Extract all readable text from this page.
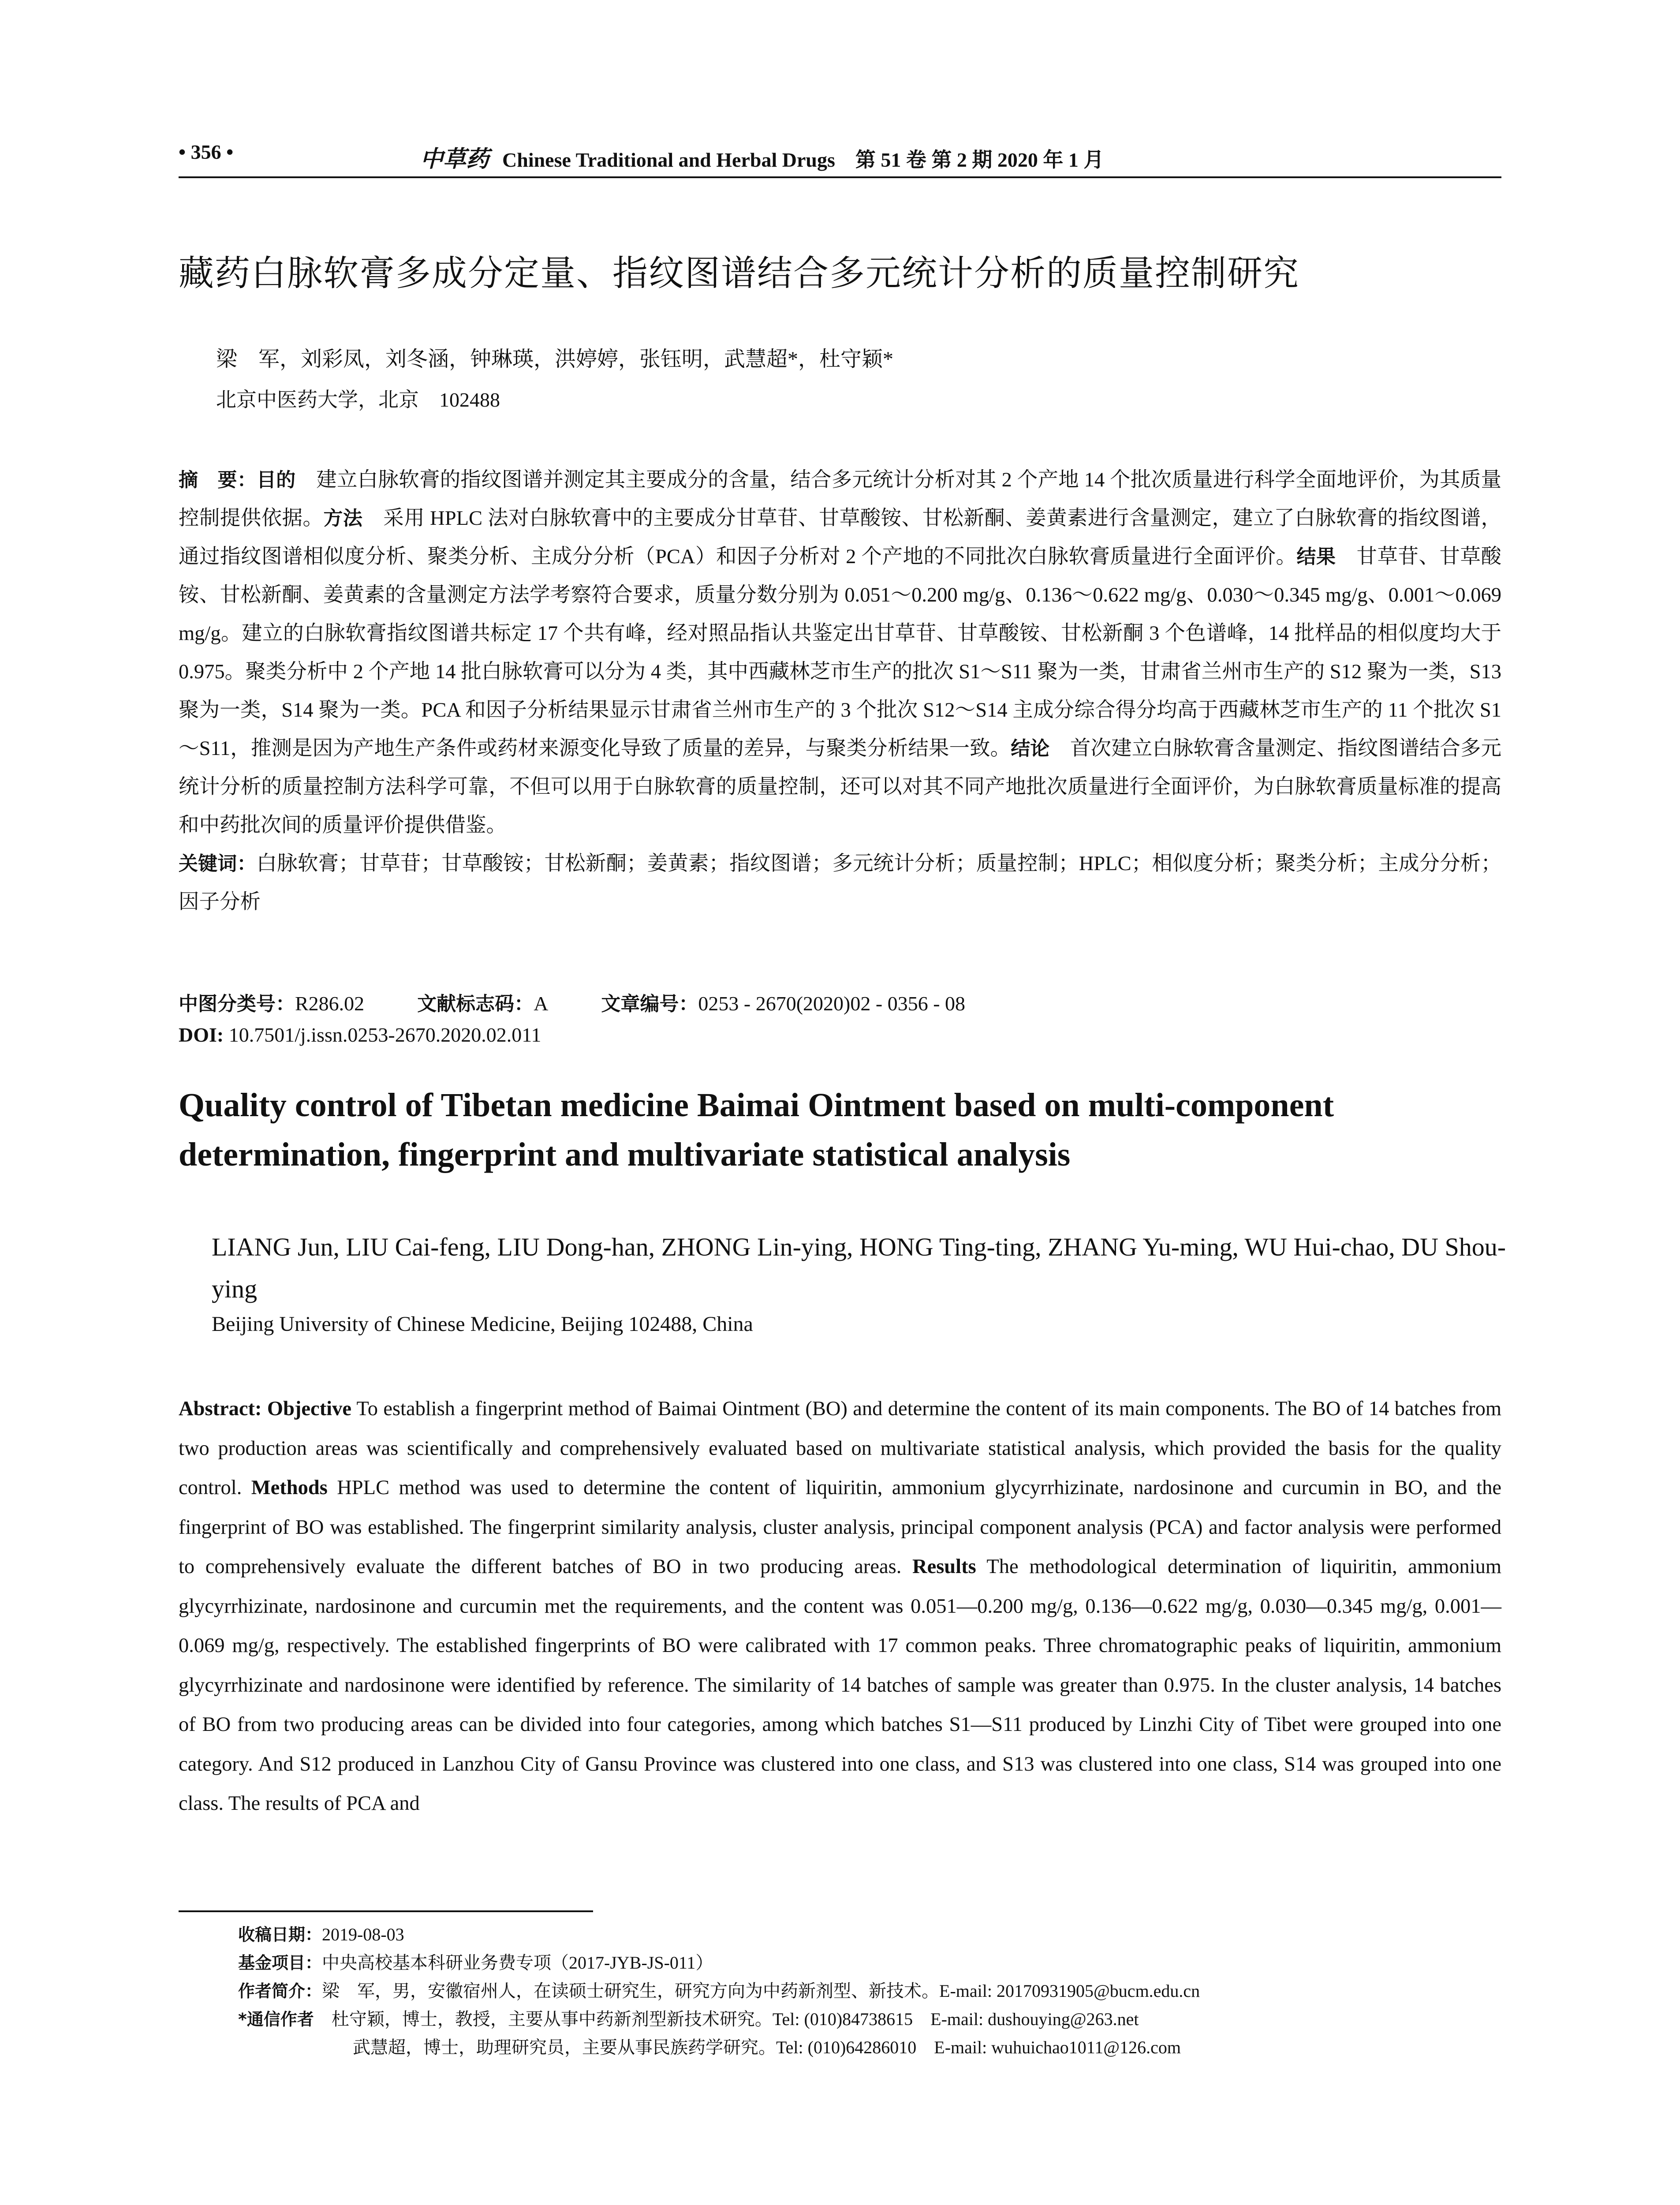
• 356 •	中草药 Chinese Traditional and Herbal Drugs　第 51 卷 第 2 期 2020 年 1 月
藏药白脉软膏多成分定量、指纹图谱结合多元统计分析的质量控制研究
梁　军，刘彩凤，刘冬涵，钟琳瑛，洪婷婷，张钰明，武慧超*，杜守颖*
北京中医药大学，北京　102488

摘　要：目的　 建立白脉软膏的指纹图谱并测定其主要成分的含量，结合多元统计分析对其 2 个产地 14 个批次质量进行科学全面地评价，为其质量控制提供依据。方法　 采用 HPLC 法对白脉软膏中的主要成分甘草苷、甘草酸铵、甘松新酮、姜黄素进行含量测定，建立了白脉软膏的指纹图谱，通过指纹图谱相似度分析、聚类分析、主成分分析（PCA）和因子分析对 2 个产地的不同批次白脉软膏质量进行全面评价。结果　 甘草苷、甘草酸铵、甘松新酮、姜黄素的含量测定方法学考察符合要求，质量分数分别为 0.051～0.200 mg/g、0.136～0.622 mg/g、0.030～0.345 mg/g、0.001～0.069 mg/g。建立的白脉软膏指纹图谱共标定 17 个共有峰，经对照品指认共鉴定出甘草苷、甘草酸铵、甘松新酮 3 个色谱峰，14 批样品的相似度均大于 0.975。聚类分析中 2 个产地 14 批白脉软膏可以分为 4 类，其中西藏林芝市生产的批次 S1～S11 聚为一类，甘肃省兰州市生产的 S12 聚为一类，S13 聚为一类，S14 聚为一类。PCA 和因子分析结果显示甘肃省兰州市生产的 3 个批次 S12～S14 主成分综合得分均高于西藏林芝市生产的 11 个批次 S1～S11，推测是因为产地生产条件或药材来源变化导致了质量的差异，与聚类分析结果一致。结论　 首次建立白脉软膏含量测定、指纹图谱结合多元统计分析的质量控制方法科学可靠，不但可以用于白脉软膏的质量控制，还可以对其不同产地批次质量进行全面评价，为白脉软膏质量标准的提高和中药批次间的质量评价提供借鉴。

关键词：白脉软膏；甘草苷；甘草酸铵；甘松新酮；姜黄素；指纹图谱；多元统计分析；质量控制；HPLC；相似度分析；聚类分析；主成分分析；因子分析

中图分类号：R286.02	文献标志码：A	文章编号：0253 - 2670(2020)02 - 0356 - 08
DOI: 10.7501/j.issn.0253-2670.2020.02.011
Quality control of Tibetan medicine Baimai Ointment based on multi-component determination, fingerprint and multivariate statistical analysis
LIANG Jun, LIU Cai-feng, LIU Dong-han, ZHONG Lin-ying, HONG Ting-ting, ZHANG Yu-ming, WU Hui-chao, DU Shou-ying
Beijing University of Chinese Medicine, Beijing 102488, China

Abstract: Objective To establish a fingerprint method of Baimai Ointment (BO) and determine the content of its main components. The BO of 14 batches from two production areas was scientifically and comprehensively evaluated based on multivariate statistical analysis, which provided the basis for the quality control. Methods HPLC method was used to determine the content of liquiritin, ammonium glycyrrhizinate, nardosinone and curcumin in BO, and the fingerprint of BO was established. The fingerprint similarity analysis, cluster analysis, principal component analysis (PCA) and factor analysis were performed to comprehensively evaluate the different batches of BO in two producing areas. Results The methodological determination of liquiritin, ammonium glycyrrhizinate, nardosinone and curcumin met the requirements, and the content was 0.051—0.200 mg/g, 0.136—0.622 mg/g, 0.030—0.345 mg/g, 0.001—0.069 mg/g, respectively. The established fingerprints of BO were calibrated with 17 common peaks. Three chromatographic peaks of liquiritin, ammonium glycyrrhizinate and nardosinone were identified by reference. The similarity of 14 batches of sample was greater than 0.975. In the cluster analysis, 14 batches of BO from two producing areas can be divided into four categories, among which batches S1—S11 produced by Linzhi City of Tibet were grouped into one category. And S12 produced in Lanzhou City of Gansu Province was clustered into one class, and S13 was clustered into one class, S14 was grouped into one class. The results of PCA and

收稿日期：2019-08-03
基金项目：中央高校基本科研业务费专项（2017-JYB-JS-011）
作者简介：梁　军，男，安徽宿州人，在读硕士研究生，研究方向为中药新剂型、新技术。E-mail: 20170931905@bucm.edu.cn
*通信作者　 杜守颖，博士，教授，主要从事中药新剂型新技术研究。Tel: (010)84738615　E-mail: dushouying@263.net
武慧超，博士，助理研究员，主要从事民族药学研究。Tel: (010)64286010　E-mail: wuhuichao1011@126.com
